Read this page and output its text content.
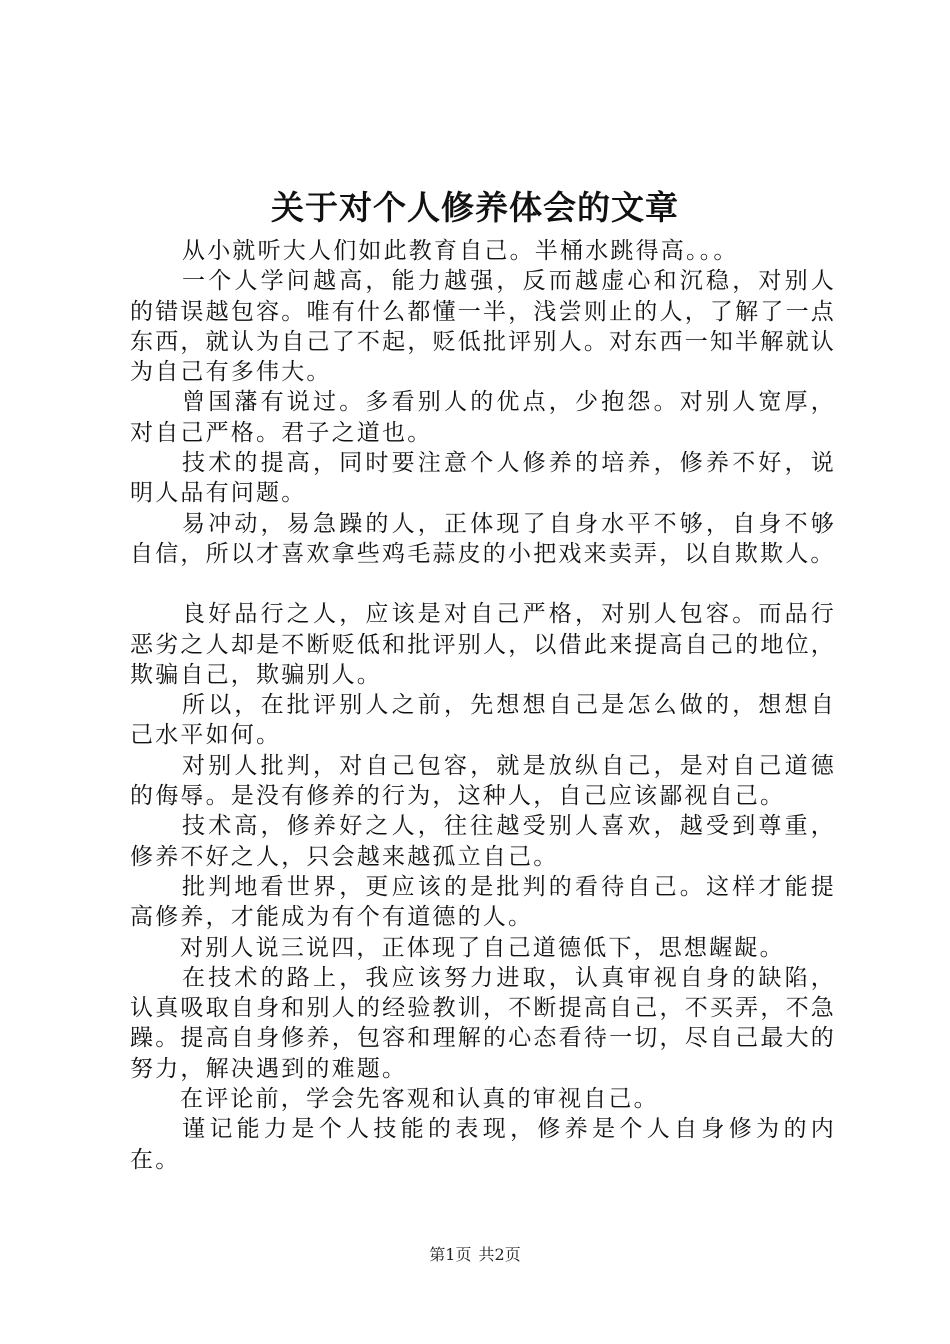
关于对个人修养体会的文章

从小就听大人们如此教育自己。半桶水跳得高。。。

一个人学问越高，能力越强，反而越虚心和沉稳，对别人的错误越包容。唯有什么都懂一半，浅尝则止的人，了解了一点东西，就认为自己了不起，贬低批评别人。对东西一知半解就认为自己有多伟大。

曾国藩有说过。多看别人的优点，少抱怨。对别人宽厚，对自己严格。君子之道也。

技术的提高，同时要注意个人修养的培养，修养不好，说明人品有问题。

易冲动，易急躁的人，正体现了自身水平不够，自身不够自信，所以才喜欢拿些鸡毛蒜皮的小把戏来卖弄，以自欺欺人。

良好品行之人，应该是对自己严格，对别人包容。而品行恶劣之人却是不断贬低和批评别人，以借此来提高自己的地位，欺骗自己，欺骗别人。

所以，在批评别人之前，先想想自己是怎么做的，想想自己水平如何。

对别人批判，对自己包容，就是放纵自己，是对自己道德的侮辱。是没有修养的行为，这种人，自己应该鄙视自己。

技术高，修养好之人，往往越受别人喜欢，越受到尊重，修养不好之人，只会越来越孤立自己。

批判地看世界，更应该的是批判的看待自己。这样才能提高修养，才能成为有个有道德的人。

对别人说三说四，正体现了自己道德低下，思想龌龊。

在技术的路上，我应该努力进取，认真审视自身的缺陷，认真吸取自身和别人的经验教训，不断提高自己，不买弄，不急躁。提高自身修养，包容和理解的心态看待一切，尽自己最大的努力，解决遇到的难题。

在评论前，学会先客观和认真的审视自己。

谨记能力是个人技能的表现，修养是个人自身修为的内在。

第1页 共2页
